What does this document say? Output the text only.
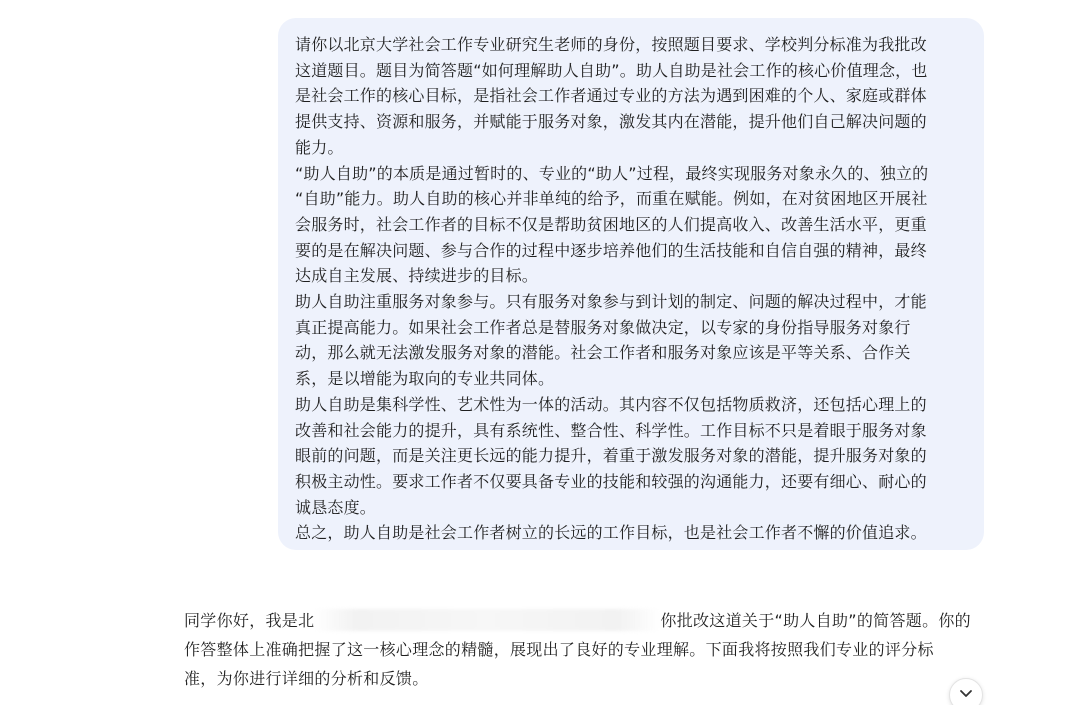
请你以北京大学社会工作专业研究生老师的身份，按照题目要求、学校判分标准为我批改
这道题目。题目为简答题“如何理解助人自助”。助人自助是社会工作的核心价值理念，也
是社会工作的核心目标，是指社会工作者通过专业的方法为遇到困难的个人、家庭或群体
提供支持、资源和服务，并赋能于服务对象，激发其内在潜能，提升他们自己解决问题的
能力。

“助人自助”的本质是通过暂时的、专业的“助人”过程，最终实现服务对象永久的、独立的
“自助”能力。助人自助的核心并非单纯的给予，而重在赋能。例如，在对贫困地区开展社
会服务时，社会工作者的目标不仅是帮助贫困地区的人们提高收入、改善生活水平，更重
要的是在解决问题、参与合作的过程中逐步培养他们的生活技能和自信自强的精神，最终
达成自主发展、持续进步的目标。

助人自助注重服务对象参与。只有服务对象参与到计划的制定、问题的解决过程中，才能
真正提高能力。如果社会工作者总是替服务对象做决定，以专家的身份指导服务对象行
动，那么就无法激发服务对象的潜能。社会工作者和服务对象应该是平等关系、合作关
系，是以增能为取向的专业共同体。

助人自助是集科学性、艺术性为一体的活动。其内容不仅包括物质救济，还包括心理上的
改善和社会能力的提升，具有系统性、整合性、科学性。工作目标不只是着眼于服务对象
眼前的问题，而是关注更长远的能力提升，着重于激发服务对象的潜能，提升服务对象的
积极主动性。要求工作者不仅要具备专业的技能和较强的沟通能力，还要有细心、耐心的
诚恳态度。

总之，助人自助是社会工作者树立的长远的工作目标，也是社会工作者不懈的价值追求。

同学你好，我是北	你批改这道关于“助人自助”的简答题。你的
作答整体上准确把握了这一核心理念的精髓，展现出了良好的专业理解。下面我将按照我们专业的评分标
准，为你进行详细的分析和反馈。
